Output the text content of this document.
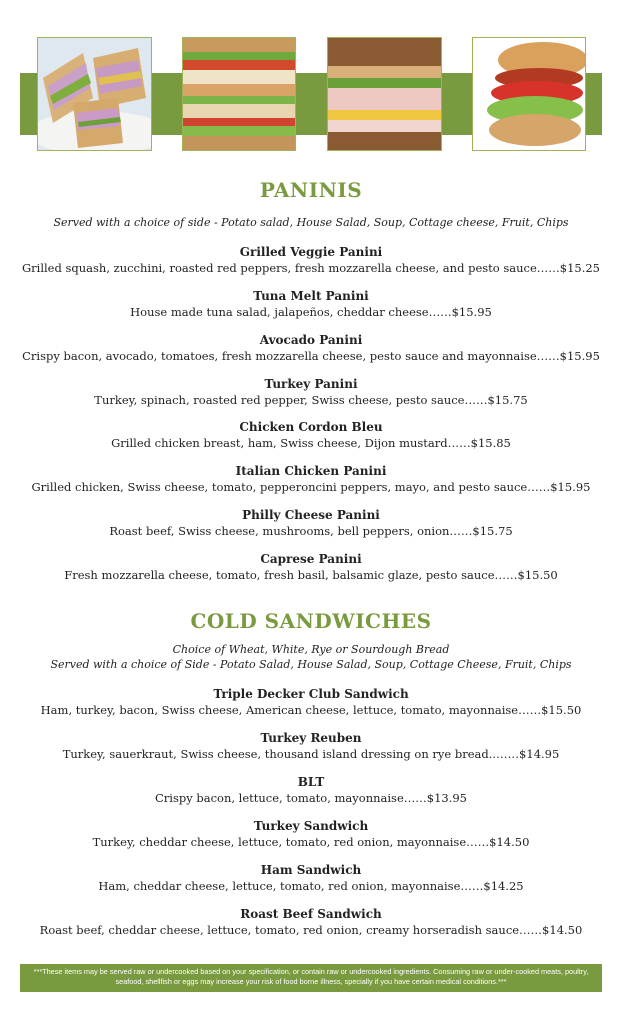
PANINIS
Served with a choice of side - Potato salad, House Salad, Soup, Cottage cheese, Fruit, Chips
Grilled Veggie Panini
Grilled squash, zucchini, roasted red peppers, fresh mozzarella cheese, and pesto sauce……$15.25
Tuna Melt Panini
House made tuna salad, jalapeños, cheddar cheese……$15.95
Avocado Panini
Crispy bacon, avocado, tomatoes, fresh mozzarella cheese, pesto sauce and mayonnaise……$15.95
Turkey Panini
Turkey, spinach, roasted red pepper, Swiss cheese, pesto sauce……$15.75
Chicken Cordon Bleu
Grilled chicken breast, ham, Swiss cheese, Dijon mustard……$15.85
Italian Chicken Panini
Grilled chicken, Swiss cheese, tomato, pepperoncini peppers, mayo, and pesto sauce……$15.95
Philly Cheese Panini
Roast beef, Swiss cheese, mushrooms, bell peppers, onion……$15.75
Caprese Panini
Fresh mozzarella cheese, tomato, fresh basil, balsamic glaze, pesto sauce……$15.50
COLD SANDWICHES
Choice of Wheat, White, Rye or Sourdough Bread
Served with a choice of Side - Potato Salad, House Salad, Soup, Cottage Cheese, Fruit, Chips
Triple Decker Club Sandwich
Ham, turkey, bacon, Swiss cheese, American cheese, lettuce, tomato, mayonnaise……$15.50
Turkey Reuben
Turkey, sauerkraut, Swiss cheese, thousand island dressing on rye bread..……$14.95
BLT
Crispy bacon, lettuce, tomato, mayonnaise……$13.95
Turkey Sandwich
Turkey, cheddar cheese, lettuce, tomato, red onion, mayonnaise……$14.50
Ham Sandwich
Ham, cheddar cheese, lettuce, tomato, red onion, mayonnaise……$14.25
Roast Beef Sandwich
Roast beef, cheddar cheese, lettuce, tomato, red onion, creamy horseradish sauce……$14.50
***These items may be served raw or undercooked based on your specification, or contain raw or undercooked ingredients. Consuming raw or under-cooked meats, poultry, seafood, shellfish or eggs may increase your risk of food borne illness, specially if you have certain medical conditions.***
